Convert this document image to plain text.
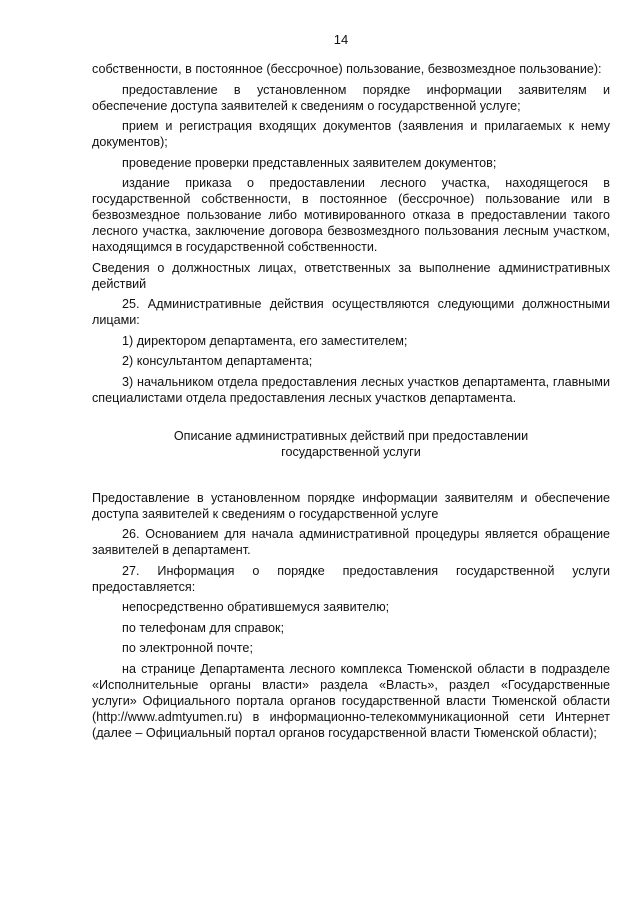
14

собственности, в постоянное (бессрочное) пользование, безвозмездное пользование):

предоставление в установленном порядке информации заявителям и обеспечение доступа заявителей к сведениям о государственной услуге;

прием и регистрация входящих документов (заявления и прилагаемых к нему документов);

проведение проверки представленных заявителем документов;

издание приказа о предоставлении лесного участка, находящегося в государственной собственности, в постоянное (бессрочное) пользование или в безвозмездное пользование либо мотивированного отказа в предоставлении такого лесного участка, заключение договора безвозмездного пользования лесным участком, находящимся в государственной собственности.

Сведения о должностных лицах, ответственных за выполнение административных действий

25. Административные действия осуществляются следующими должностными лицами:

1) директором департамента, его заместителем;

2) консультантом департамента;

3) начальником отдела предоставления лесных участков департамента, главными специалистами отдела предоставления лесных участков департамента.

Описание административных действий при предоставлении
государственной услуги

Предоставление в установленном порядке информации заявителям и обеспечение доступа заявителей к сведениям о государственной услуге

26. Основанием для начала административной процедуры является обращение заявителей в департамент.

27. Информация о порядке предоставления государственной услуги предоставляется:

непосредственно обратившемуся заявителю;

по телефонам для справок;

по электронной почте;

на странице Департамента лесного комплекса Тюменской области в подразделе «Исполнительные органы власти» раздела «Власть», раздел «Государственные услуги» Официального портала органов государственной власти Тюменской области (http://www.admtyumen.ru) в информационно-телекоммуникационной сети Интернет (далее – Официальный портал органов государственной власти Тюменской области);
